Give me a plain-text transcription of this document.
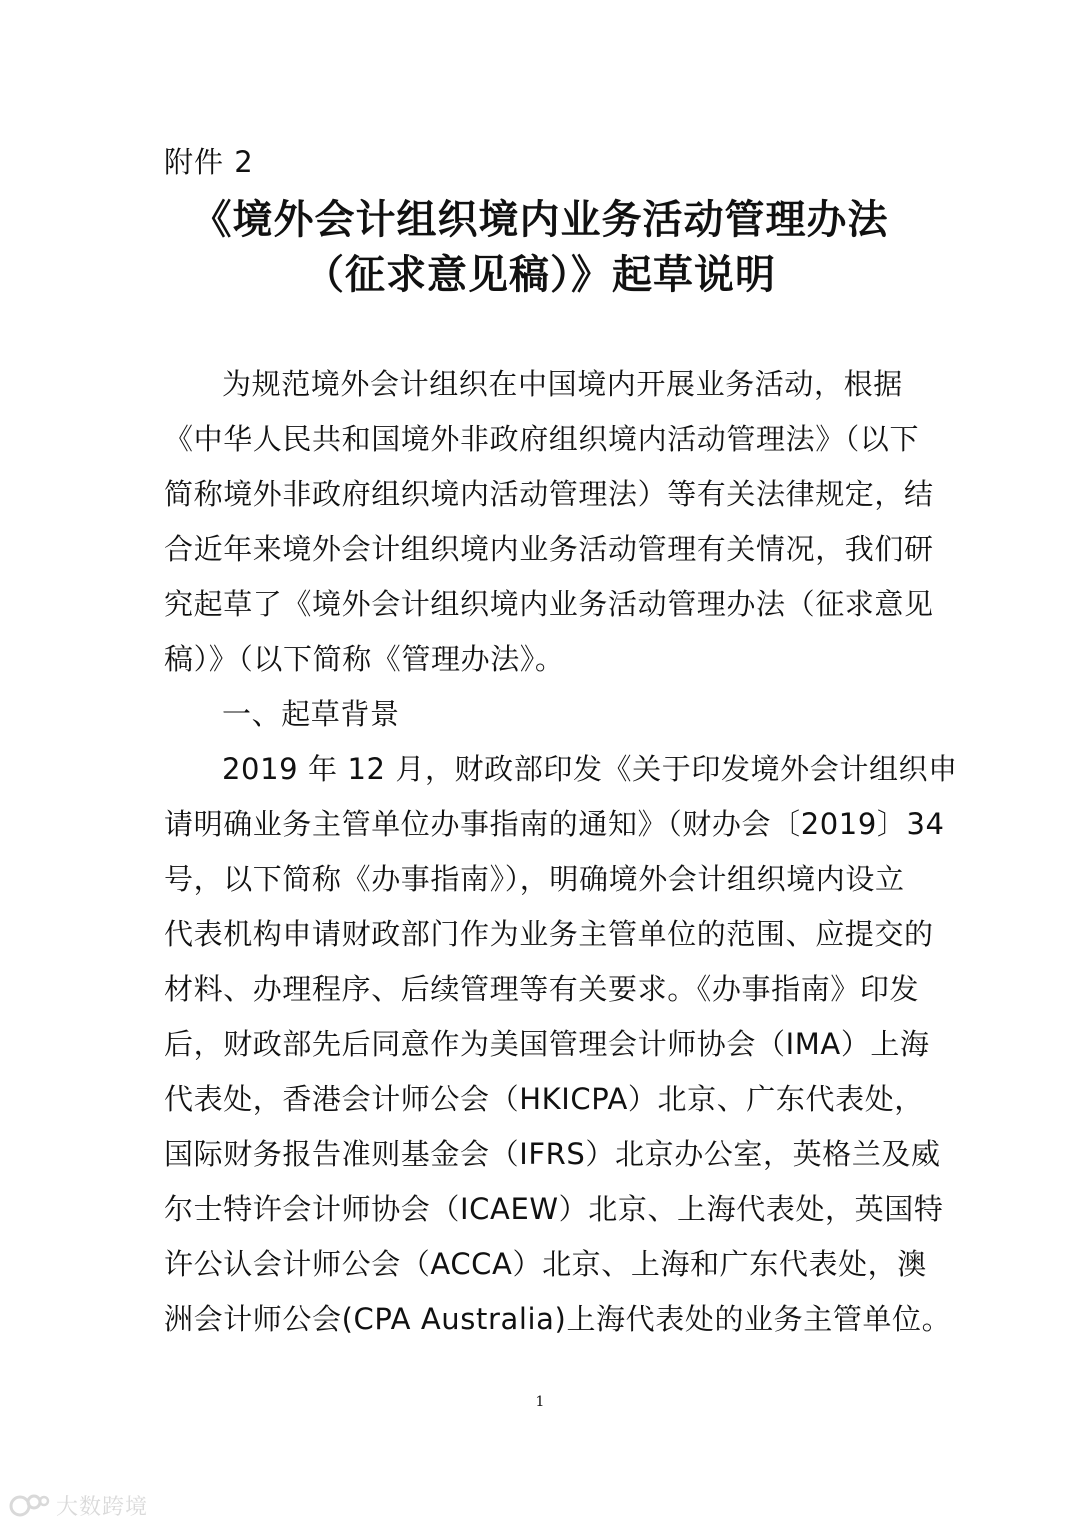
附件 2
《境外会计组织境内业务活动管理办法
（征求意见稿）》起草说明
为规范境外会计组织在中国境内开展业务活动，根据
《中华人民共和国境外非政府组织境内活动管理法》（以下
简称境外非政府组织境内活动管理法）等有关法律规定，结
合近年来境外会计组织境内业务活动管理有关情况，我们研
究起草了《境外会计组织境内业务活动管理办法（征求意见
稿）》（以下简称《管理办法》。
一、起草背景
2019 年 12 月，财政部印发《关于印发境外会计组织申
请明确业务主管单位办事指南的通知》（财办会〔2019〕34
号，以下简称《办事指南》），明确境外会计组织境内设立
代表机构申请财政部门作为业务主管单位的范围、应提交的
材料、办理程序、后续管理等有关要求。《办事指南》印发
后，财政部先后同意作为美国管理会计师协会（IMA）上海
代表处，香港会计师公会（HKICPA）北京、广东代表处，
国际财务报告准则基金会（IFRS）北京办公室，英格兰及威
尔士特许会计师协会（ICAEW）北京、上海代表处，英国特
许公认会计师公会（ACCA）北京、上海和广东代表处，澳
洲会计师公会(CPA Australia)上海代表处的业务主管单位。
1
大数跨境
